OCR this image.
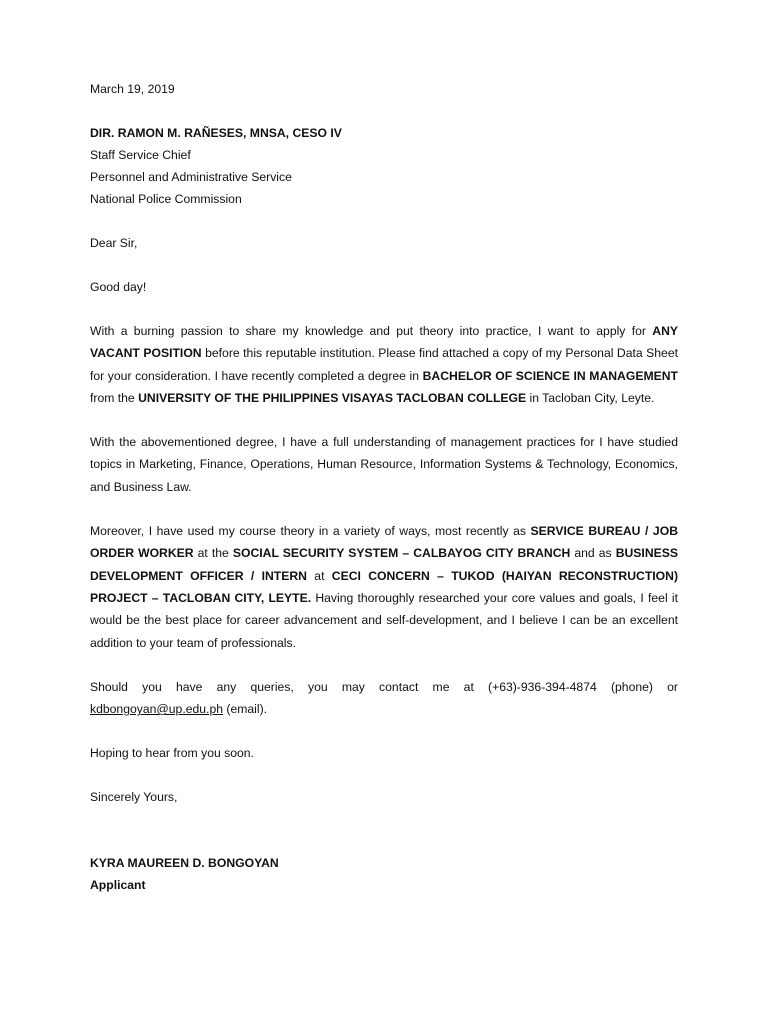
March 19, 2019
DIR. RAMON M. RAÑESES, MNSA, CESO IV
Staff Service Chief
Personnel and Administrative Service
National Police Commission
Dear Sir,
Good day!

With a burning passion to share my knowledge and put theory into practice, I want to apply for ANY VACANT POSITION before this reputable institution. Please find attached a copy of my Personal Data Sheet for your consideration. I have recently completed a degree in BACHELOR OF SCIENCE IN MANAGEMENT from the UNIVERSITY OF THE PHILIPPINES VISAYAS TACLOBAN COLLEGE in Tacloban City, Leyte.

With the abovementioned degree, I have a full understanding of management practices for I have studied topics in Marketing, Finance, Operations, Human Resource, Information Systems & Technology, Economics, and Business Law.

Moreover, I have used my course theory in a variety of ways, most recently as SERVICE BUREAU / JOB ORDER WORKER at the SOCIAL SECURITY SYSTEM – CALBAYOG CITY BRANCH and as BUSINESS DEVELOPMENT OFFICER / INTERN at CECI CONCERN – TUKOD (HAIYAN RECONSTRUCTION) PROJECT – TACLOBAN CITY, LEYTE. Having thoroughly researched your core values and goals, I feel it would be the best place for career advancement and self-development, and I believe I can be an excellent addition to your team of professionals.

Should you have any queries, you may contact me at (+63)-936-394-4874 (phone) or kdbongoyan@up.edu.ph (email).

Hoping to hear from you soon.
Sincerely Yours,
KYRA MAUREEN D. BONGOYAN
Applicant
